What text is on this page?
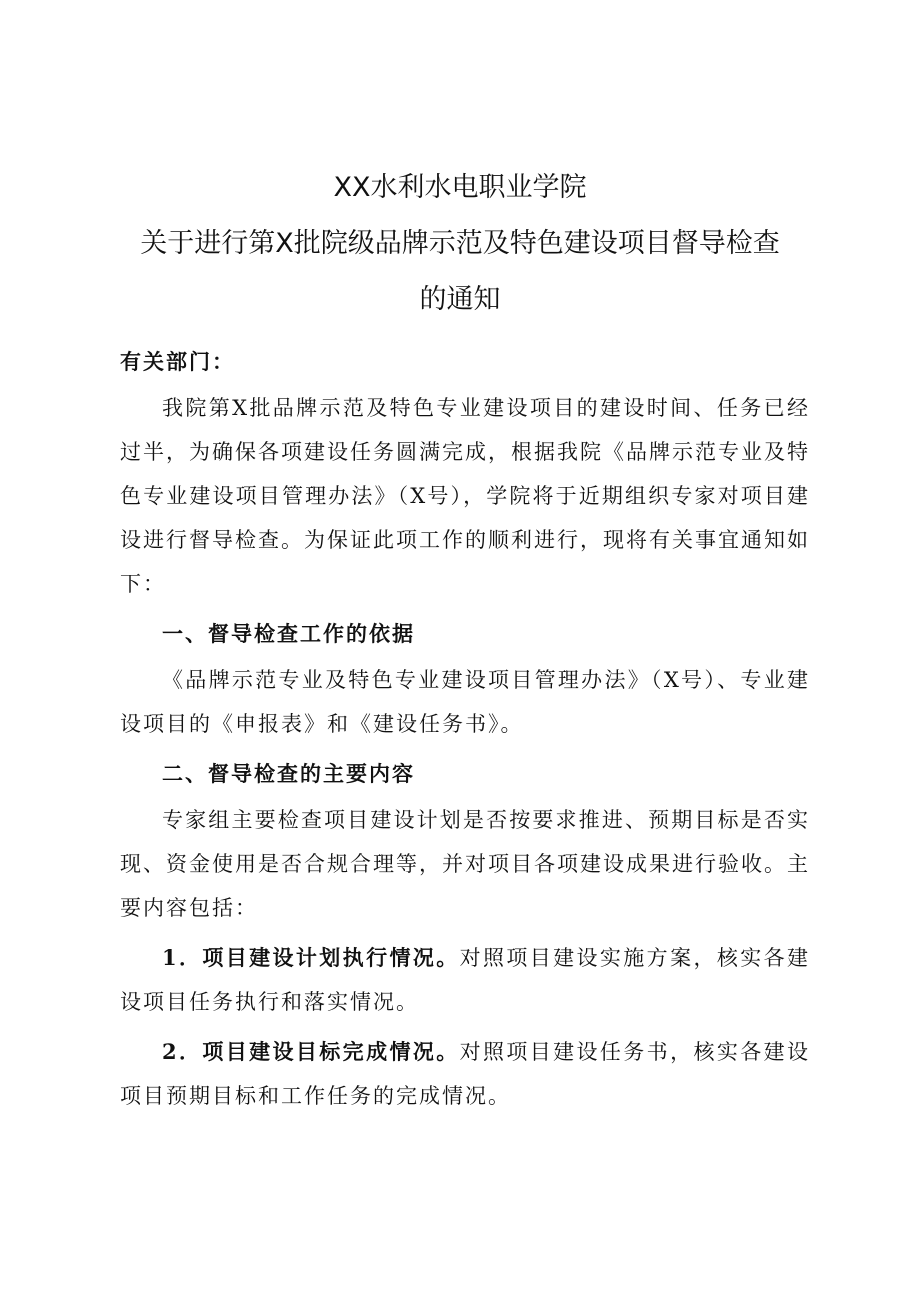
XX水利水电职业学院
关于进行第X批院级品牌示范及特色建设项目督导检查
的通知

有关部门：

我院第X批品牌示范及特色专业建设项目的建设时间、任务已经过半，为确保各项建设任务圆满完成，根据我院《品牌示范专业及特色专业建设项目管理办法》（X号），学院将于近期组织专家对项目建设进行督导检查。为保证此项工作的顺利进行，现将有关事宜通知如下：

一、督导检查工作的依据

《品牌示范专业及特色专业建设项目管理办法》（X号）、专业建设项目的《申报表》和《建设任务书》。

二、督导检查的主要内容

专家组主要检查项目建设计划是否按要求推进、预期目标是否实现、资金使用是否合规合理等，并对项目各项建设成果进行验收。主要内容包括：

1．项目建设计划执行情况。对照项目建设实施方案，核实各建设项目任务执行和落实情况。

2．项目建设目标完成情况。对照项目建设任务书，核实各建设项目预期目标和工作任务的完成情况。
